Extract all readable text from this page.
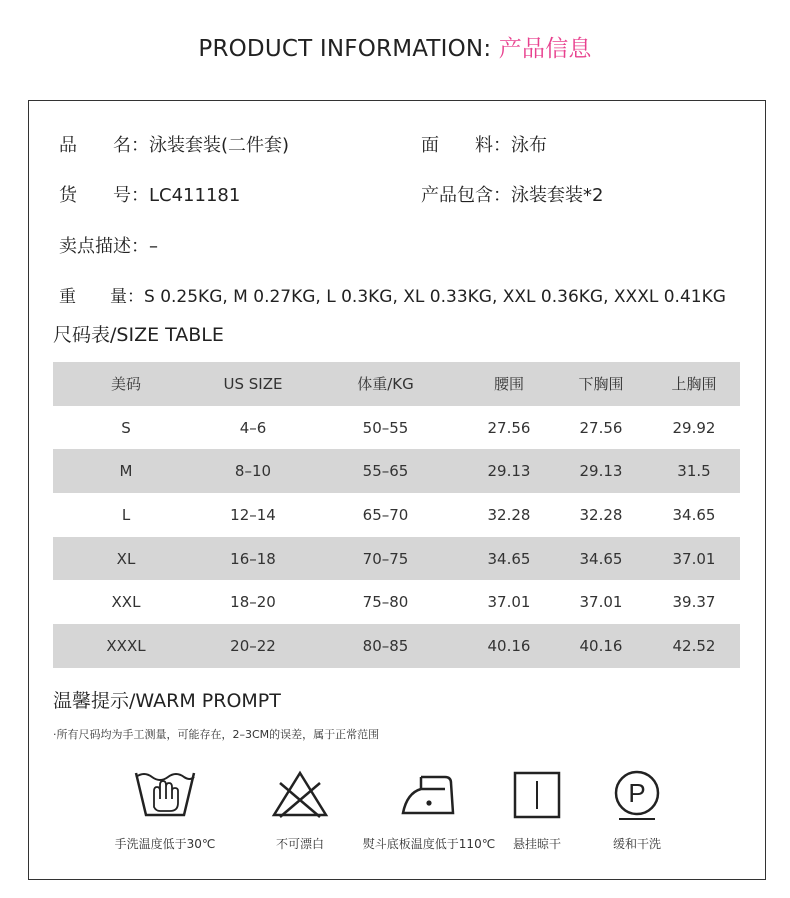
PRODUCT INFORMATION: 产品信息
品　　名：泳装套装(二件套)	面　　料：泳布
货　　号：LC411181	产品包含：泳装套装*2
卖点描述：–
重　　量：S 0.25KG, M 0.27KG, L 0.3KG, XL 0.33KG, XXL 0.36KG, XXXL 0.41KG
尺码表/SIZE TABLE
美码	US SIZE	体重/KG	腰围	下胸围	上胸围
S	4–6	50–55	27.56	27.56	29.92
M	8–10	55–65	29.13	29.13	31.5
L	12–14	65–70	32.28	32.28	34.65
XL	16–18	70–75	34.65	34.65	37.01
XXL	18–20	75–80	37.01	37.01	39.37
XXXL	20–22	80–85	40.16	40.16	42.52
温馨提示/WARM PROMPT
·所有尺码均为手工测量，可能存在，2–3CM的误差，属于正常范围
手洗温度低于30℃	不可漂白	熨斗底板温度低于110℃	悬挂晾干
P
缓和干洗
